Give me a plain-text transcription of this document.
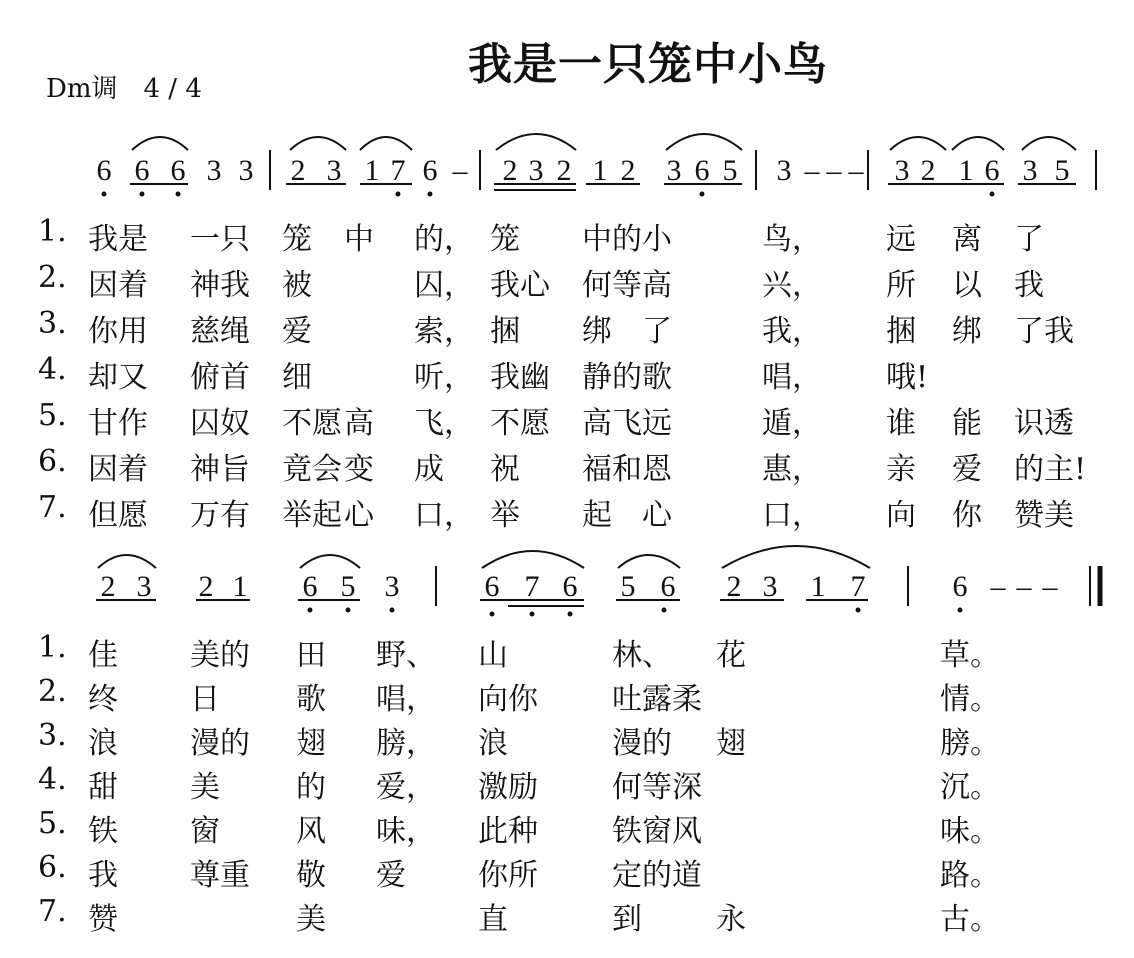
我是一只笼中小鸟
Dm调　4 / 4
6 6 6 3 3 2 3 1 7 6 – 2 3 2 1 2 3 6 5 3 – – – 3 2 1 6 3 5
2 3 2 1 6 5 3	6 7 6 5 6 2 3 1 7	6 – – –
1. 我是 一只 笼 中 的， 笼 中的小	鸟， 远 离 了
2. 因着 神我 被	囚， 我心 何等高	兴， 所 以 我
3. 你用 慈绳 爱	索， 捆 绑　了	我， 捆 绑 了我
4. 却又 俯首 细	听， 我幽 静的歌	唱， 哦!
5. 甘作 囚奴 不愿 高 飞， 不愿 高飞远	遁， 谁 能 识透
6. 因着 神旨 竟会 变 成 祝 福和恩	惠， 亲 爱 的主!
7. 但愿 万有 举起 心 口， 举 起　心	口， 向 你 赞美
1. 佳 美的 田 野、 山	林、 花	草。
2. 终 日	歌 唱， 向你 吐露柔	情。
3. 浪 漫的 翅 膀， 浪	漫的 翅	膀。
4. 甜 美	的 爱， 激励 何等深	沉。
5. 铁 窗	风 味， 此种 铁窗风	味。
6. 我 尊重 敬 爱 你所 定的道	路。
7. 赞	美	直	到 永	古。
